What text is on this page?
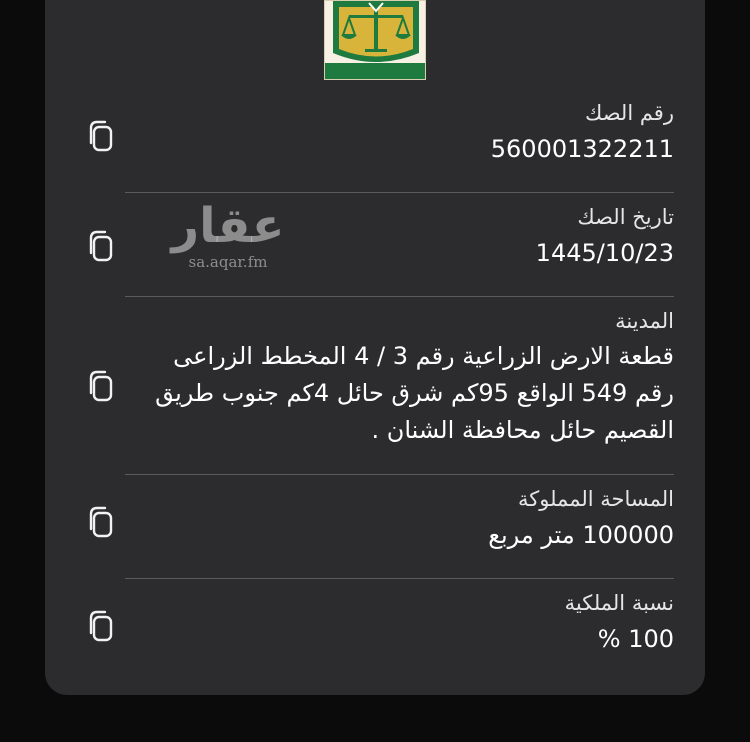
عقار
sa.aqar.fm
رقم الصك
560001322211
تاريخ الصك
1445/10/23
المدينة
قطعة الارض الزراعية رقم 3 / 4 المخطط الزراعى رقم 549 الواقع 95كم شرق حائل 4كم جنوب طريق القصيم حائل محافظة الشنان .
المساحة المملوكة
100000 متر مربع
نسبة الملكية
100 %
